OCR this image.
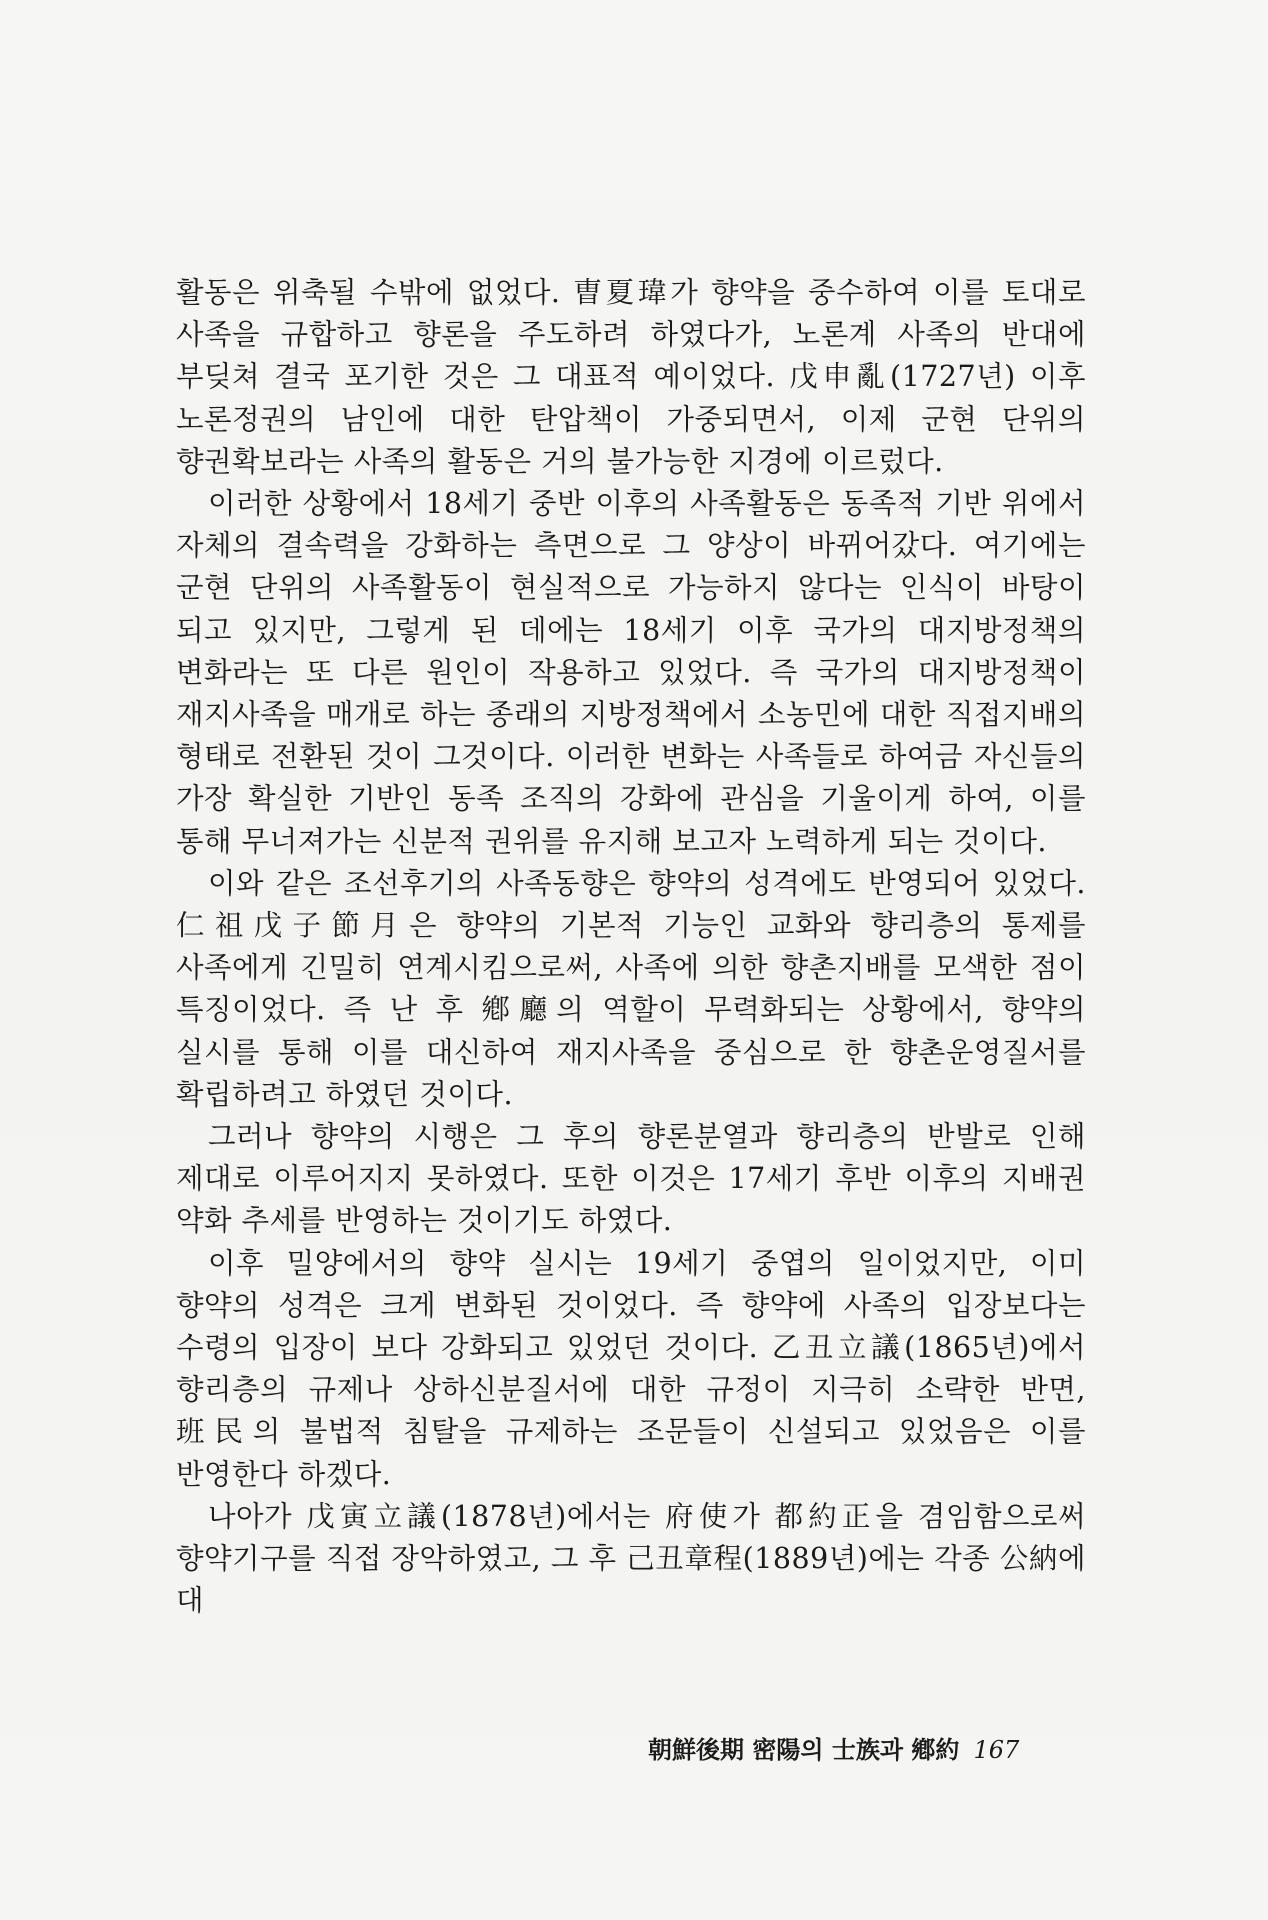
활동은 위축될 수밖에 없었다. 曺夏瑋가 향약을 중수하여 이를 토대로 사족을 규합하고 향론을 주도하려 하였다가, 노론계 사족의 반대에 부딪쳐 결국 포기한 것은 그 대표적 예이었다. 戊申亂(1727년) 이후 노론정권의 남인에 대한 탄압책이 가중되면서, 이제 군현 단위의 향권확보라는 사족의 활동은 거의 불가능한 지경에 이르렀다.

이러한 상황에서 18세기 중반 이후의 사족활동은 동족적 기반 위에서 자체의 결속력을 강화하는 측면으로 그 양상이 바뀌어갔다. 여기에는 군현 단위의 사족활동이 현실적으로 가능하지 않다는 인식이 바탕이 되고 있지만, 그렇게 된 데에는 18세기 이후 국가의 대지방정책의 변화라는 또 다른 원인이 작용하고 있었다. 즉 국가의 대지방정책이 재지사족을 매개로 하는 종래의 지방정책에서 소농민에 대한 직접지배의 형태로 전환된 것이 그것이다. 이러한 변화는 사족들로 하여금 자신들의 가장 확실한 기반인 동족 조직의 강화에 관심을 기울이게 하여, 이를 통해 무너져가는 신분적 권위를 유지해 보고자 노력하게 되는 것이다.

이와 같은 조선후기의 사족동향은 향약의 성격에도 반영되어 있었다. 仁祖戊子節月은 향약의 기본적 기능인 교화와 향리층의 통제를 사족에게 긴밀히 연계시킴으로써, 사족에 의한 향촌지배를 모색한 점이 특징이었다. 즉 난 후 鄕廳의 역할이 무력화되는 상황에서, 향약의 실시를 통해 이를 대신하여 재지사족을 중심으로 한 향촌운영질서를 확립하려고 하였던 것이다.

그러나 향약의 시행은 그 후의 향론분열과 향리층의 반발로 인해 제대로 이루어지지 못하였다. 또한 이것은 17세기 후반 이후의 지배권 약화 추세를 반영하는 것이기도 하였다.

이후 밀양에서의 향약 실시는 19세기 중엽의 일이었지만, 이미 향약의 성격은 크게 변화된 것이었다. 즉 향약에 사족의 입장보다는 수령의 입장이 보다 강화되고 있었던 것이다. 乙丑立議(1865년)에서 향리층의 규제나 상하신분질서에 대한 규정이 지극히 소략한 반면, 班民의 불법적 침탈을 규제하는 조문들이 신설되고 있었음은 이를 반영한다 하겠다.

나아가 戊寅立議(1878년)에서는 府使가 都約正을 겸임함으로써 향약기구를 직접 장악하였고, 그 후 己丑章程(1889년)에는 각종 公納에 대

朝鮮後期 密陽의 士族과 鄕約 167
